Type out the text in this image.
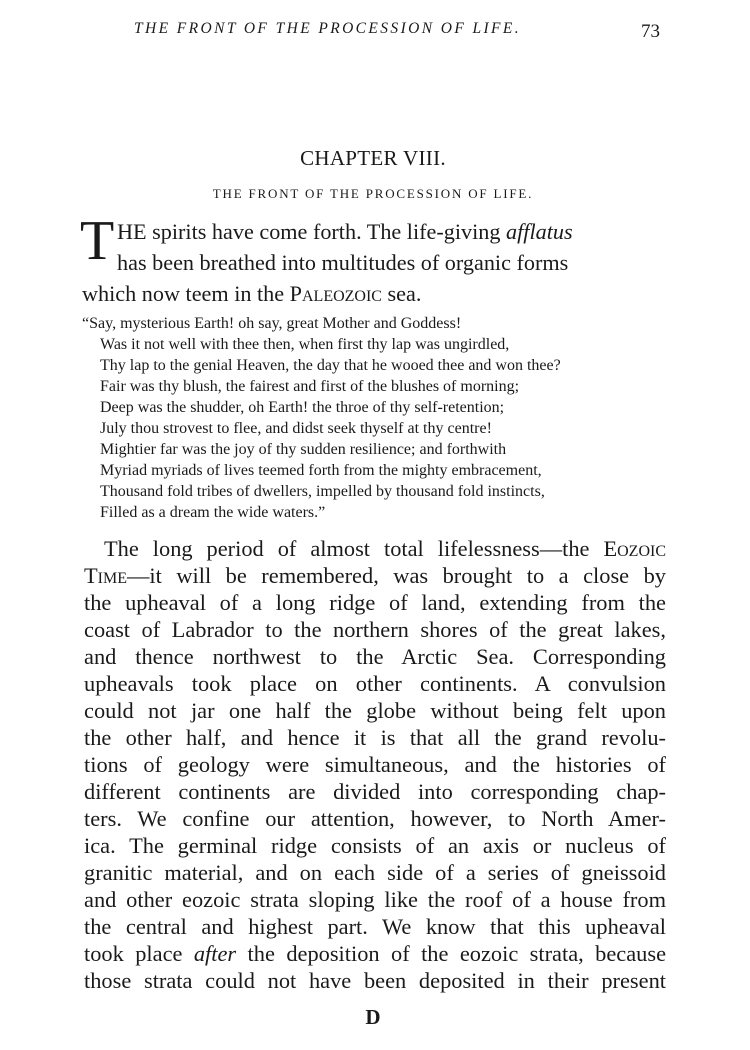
THE FRONT OF THE PROCESSION OF LIFE.	73
CHAPTER VIII.
THE FRONT OF THE PROCESSION OF LIFE.
T HE spirits have come forth. The life-giving afflatus
has been breathed into multitudes of organic forms
which now teem in the Paleozoic sea.
“Say, mysterious Earth! oh say, great Mother and Goddess!
Was it not well with thee then, when first thy lap was ungirdled,
Thy lap to the genial Heaven, the day that he wooed thee and won thee?
Fair was thy blush, the fairest and first of the blushes of morning;
Deep was the shudder, oh Earth! the throe of thy self-retention;
July thou strovest to flee, and didst seek thyself at thy centre!
Mightier far was the joy of thy sudden resilience; and forthwith
Myriad myriads of lives teemed forth from the mighty embracement,
Thousand fold tribes of dwellers, impelled by thousand fold instincts,
Filled as a dream the wide waters.”
The long period of almost total lifelessness—the Eozoic
Time—it will be remembered, was brought to a close by
the upheaval of a long ridge of land, extending from the
coast of Labrador to the northern shores of the great lakes,
and thence northwest to the Arctic Sea. Corresponding
upheavals took place on other continents. A convulsion
could not jar one half the globe without being felt upon
the other half, and hence it is that all the grand revolu-
tions of geology were simultaneous, and the histories of
different continents are divided into corresponding chap-
ters. We confine our attention, however, to North Amer-
ica. The germinal ridge consists of an axis or nucleus of
granitic material, and on each side of a series of gneissoid
and other eozoic strata sloping like the roof of a house from
the central and highest part. We know that this upheaval
took place after the deposition of the eozoic strata, because
those strata could not have been deposited in their present
D
